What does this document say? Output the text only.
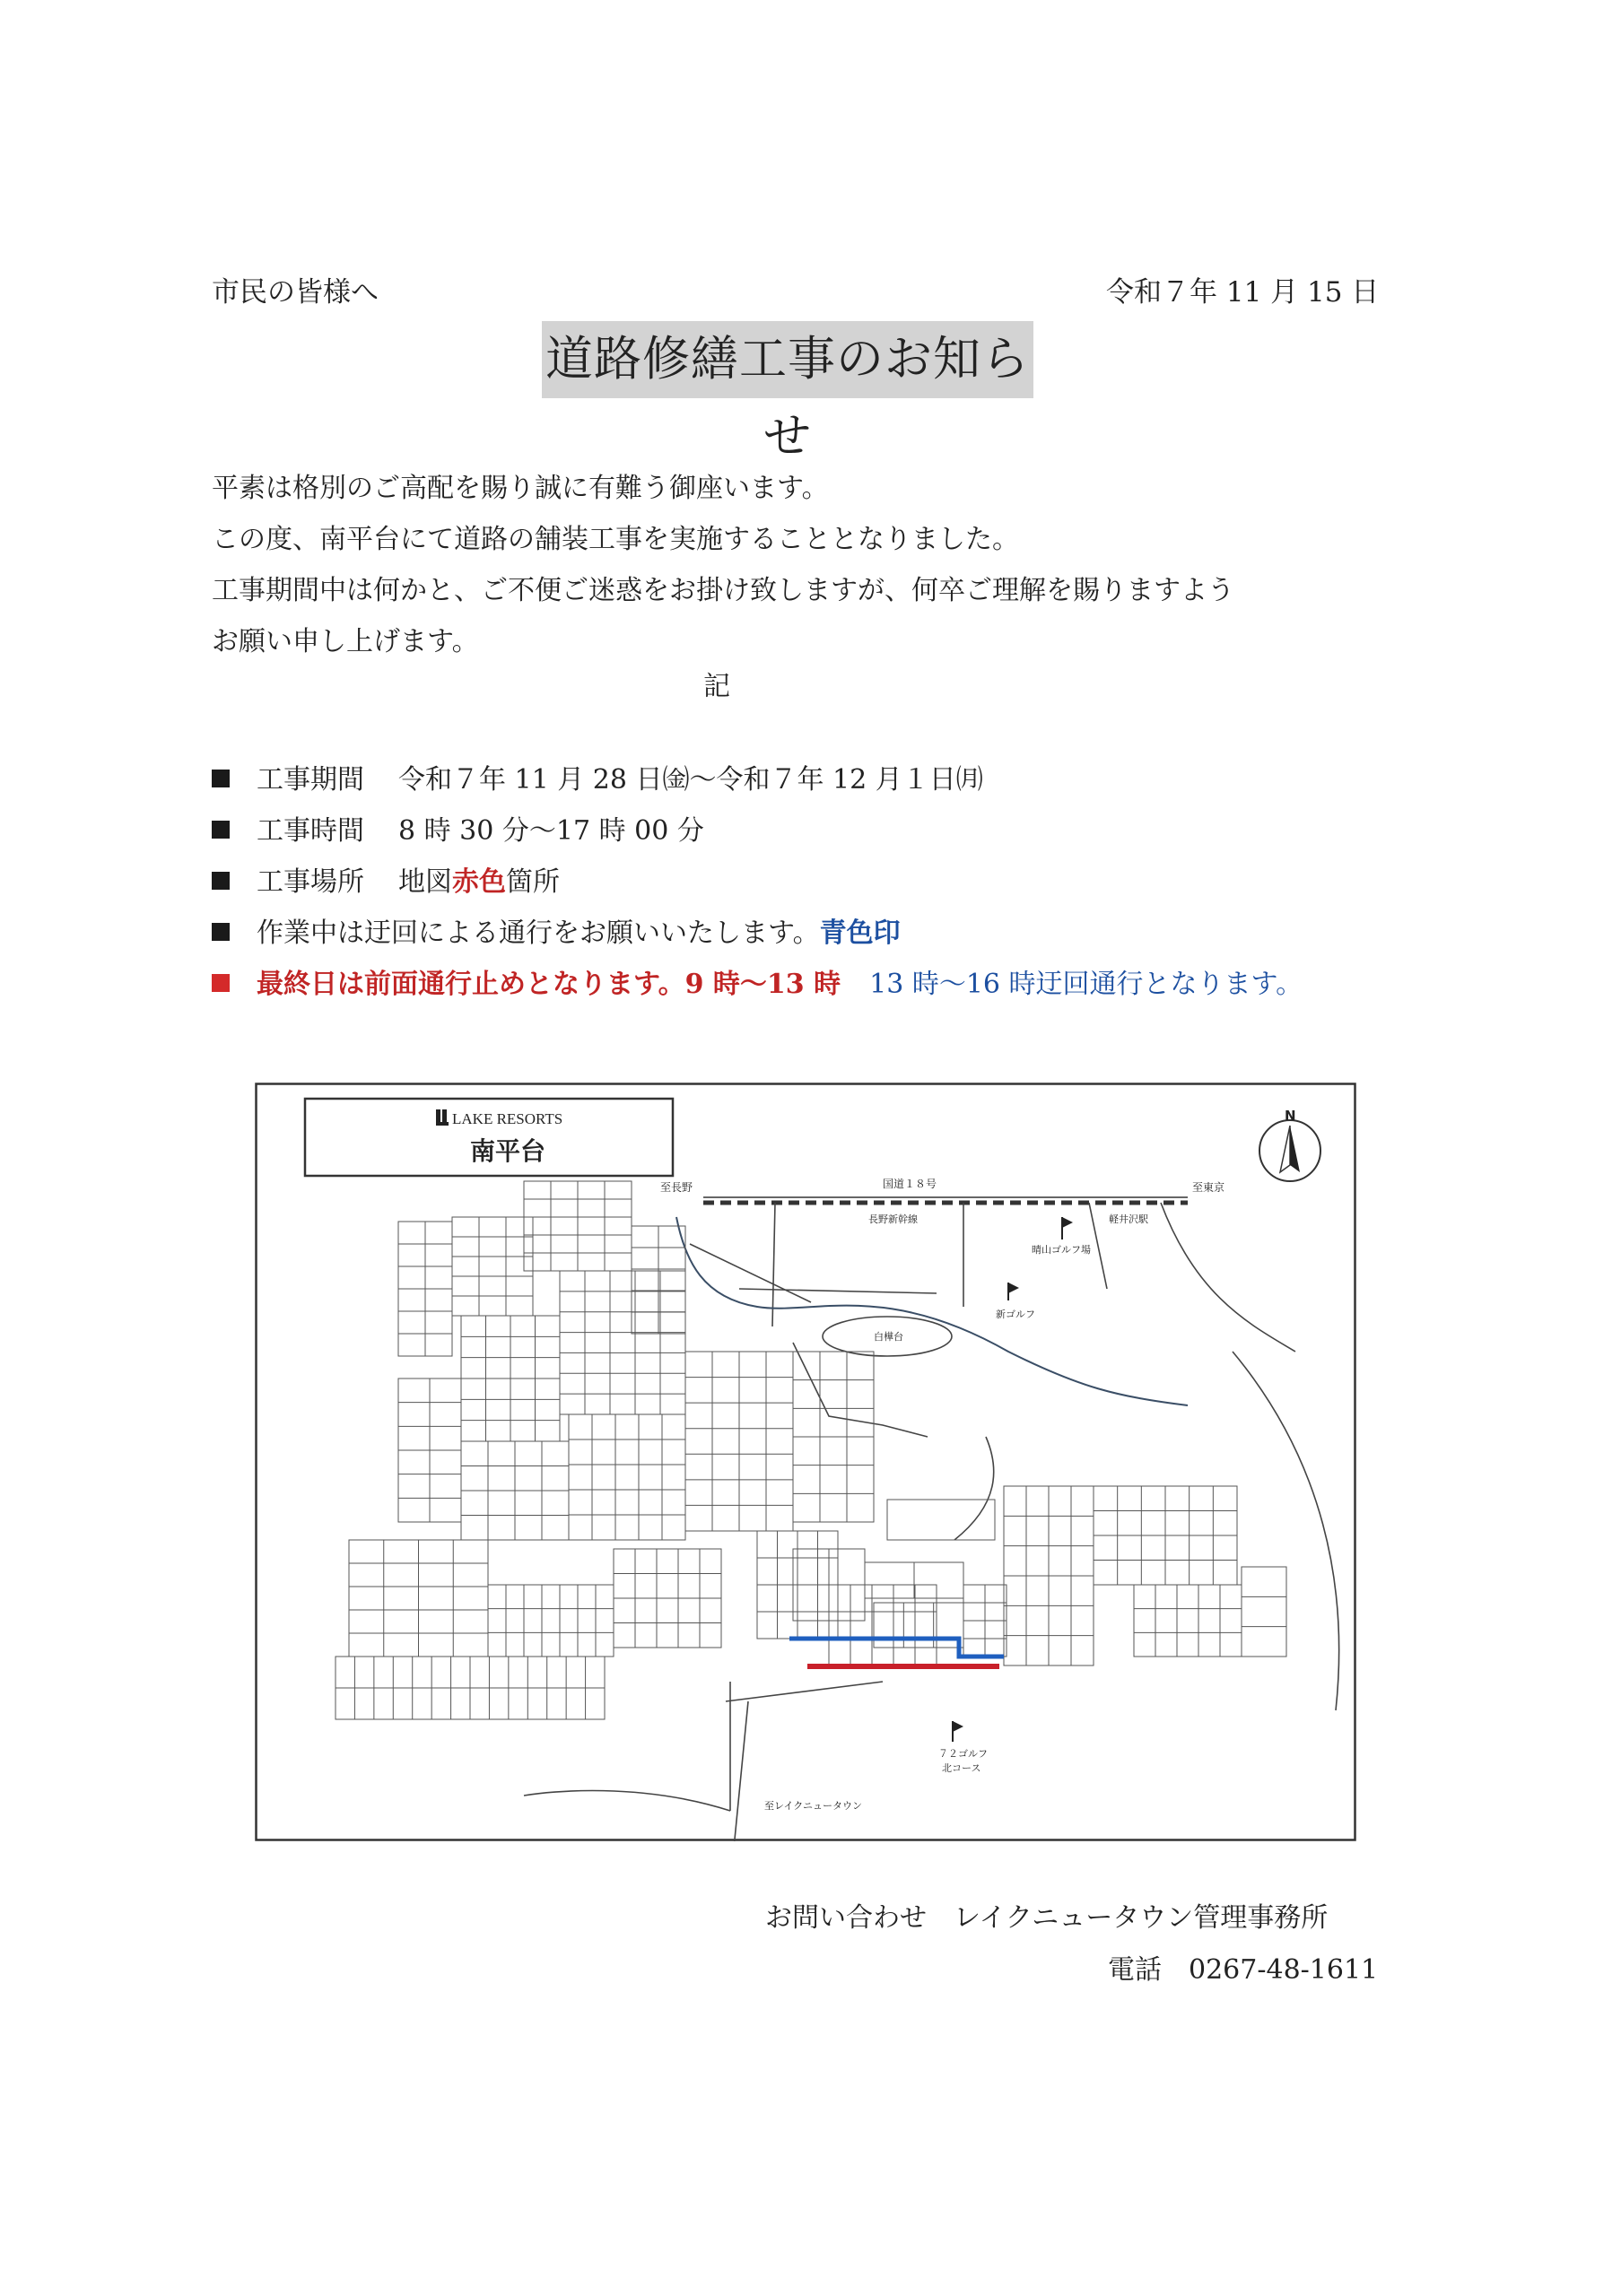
市民の皆様へ	令和７年 11 月 15 日
道路修繕工事のお知らせ
平素は格別のご高配を賜り誠に有難う御座います。
この度、南平台にて道路の舗装工事を実施することとなりました。
工事期間中は何かと、ご不便ご迷惑をお掛け致しますが、何卒ご理解を賜りますよう
お願い申し上げます。
記
工事期間 令和７年 11 月 28 日㈮～令和７年 12 月１日㈪
工事時間 8 時 30 分～17 時 00 分
工事場所 地図赤色箇所
作業中は迂回による通行をお願いいたします。青色印
最終日は前面通行止めとなります。9 時～13 時 13 時～16 時迂回通行となります。
LAKE RESORTS
南平台
N
国道１８号
至長野	至東京
長野新幹線	軽井沢駅
白樺台
晴山ゴルフ場
新ゴルフ
７２ゴルフ
北コース
至レイクニュータウン
お問い合わせ　レイクニュータウン管理事務所
電話　0267-48-1611
